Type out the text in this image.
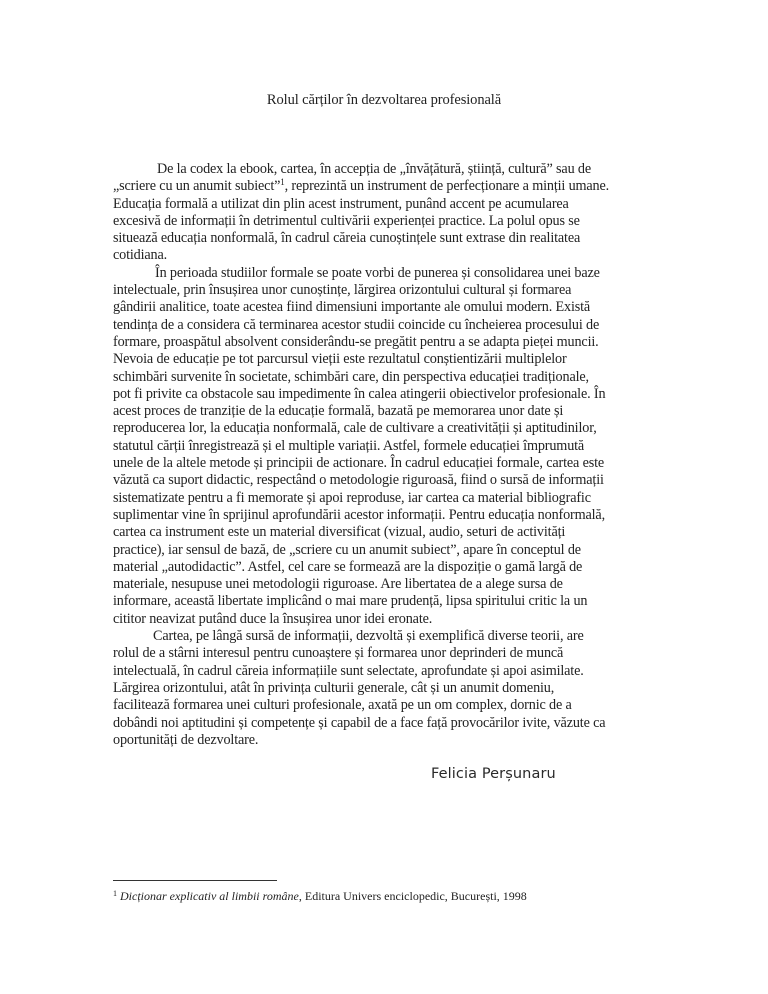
Rolul cărților în dezvoltarea profesională
De la codex la ebook, cartea, în accepția de „învățătură, știință, cultură” sau de
„scriere cu un anumit subiect”$^1$, reprezintă un instrument de perfecționare a minții umane.
Educația formală a utilizat din plin acest instrument, punând accent pe acumularea
excesivă de informații în detrimentul cultivării experienței practice. La polul opus se
situează educația nonformală, în cadrul căreia cunoștințele sunt extrase din realitatea
cotidiana.
În perioada studiilor formale se poate vorbi de punerea și consolidarea unei baze
intelectuale, prin însușirea unor cunoștințe, lărgirea orizontului cultural și formarea
gândirii analitice, toate acestea fiind dimensiuni importante ale omului modern. Există
tendința de a considera că terminarea acestor studii coincide cu încheierea procesului de
formare, proaspătul absolvent considerându-se pregătit pentru a se adapta pieței muncii.
Nevoia de educație pe tot parcursul vieții este rezultatul conștientizării multiplelor
schimbări survenite în societate, schimbări care, din perspectiva educației tradiționale,
pot fi privite ca obstacole sau impedimente în calea atingerii obiectivelor profesionale. În
acest proces de tranziție de la educație formală, bazată pe memorarea unor date și
reproducerea lor, la educația nonformală, cale de cultivare a creativității și aptitudinilor,
statutul cărții înregistrează și el multiple variații. Astfel, formele educației împrumută
unele de la altele metode și principii de actionare. În cadrul educației formale, cartea este
văzută ca suport didactic, respectând o metodologie riguroasă, fiind o sursă de informații
sistematizate pentru a fi memorate și apoi reproduse, iar cartea ca material bibliografic
suplimentar vine în sprijinul aprofundării acestor informații. Pentru educația nonformală,
cartea ca instrument este un material diversificat (vizual, audio, seturi de activități
practice), iar sensul de bază, de „scriere cu un anumit subiect”, apare în conceptul de
material „autodidactic”. Astfel, cel care se formează are la dispoziție o gamă largă de
materiale, nesupuse unei metodologii riguroase. Are libertatea de a alege sursa de
informare, această libertate implicând o mai mare prudență, lipsa spiritului critic la un
cititor neavizat putând duce la însușirea unor idei eronate.
Cartea, pe lângă sursă de informații, dezvoltă și exemplifică diverse teorii, are
rolul de a stârni interesul pentru cunoaștere și formarea unor deprinderi de muncă
intelectuală, în cadrul căreia informațiile sunt selectate, aprofundate și apoi asimilate.
Lărgirea orizontului, atât în privința culturii generale, cât și un anumit domeniu,
facilitează formarea unei culturi profesionale, axată pe un om complex, dornic de a
dobândi noi aptitudini și competențe și capabil de a face față provocărilor ivite, văzute ca
oportunități de dezvoltare.
Felicia Perșunaru
$^1$ Dicționar explicativ al limbii române, Editura Univers enciclopedic, București, 1998
